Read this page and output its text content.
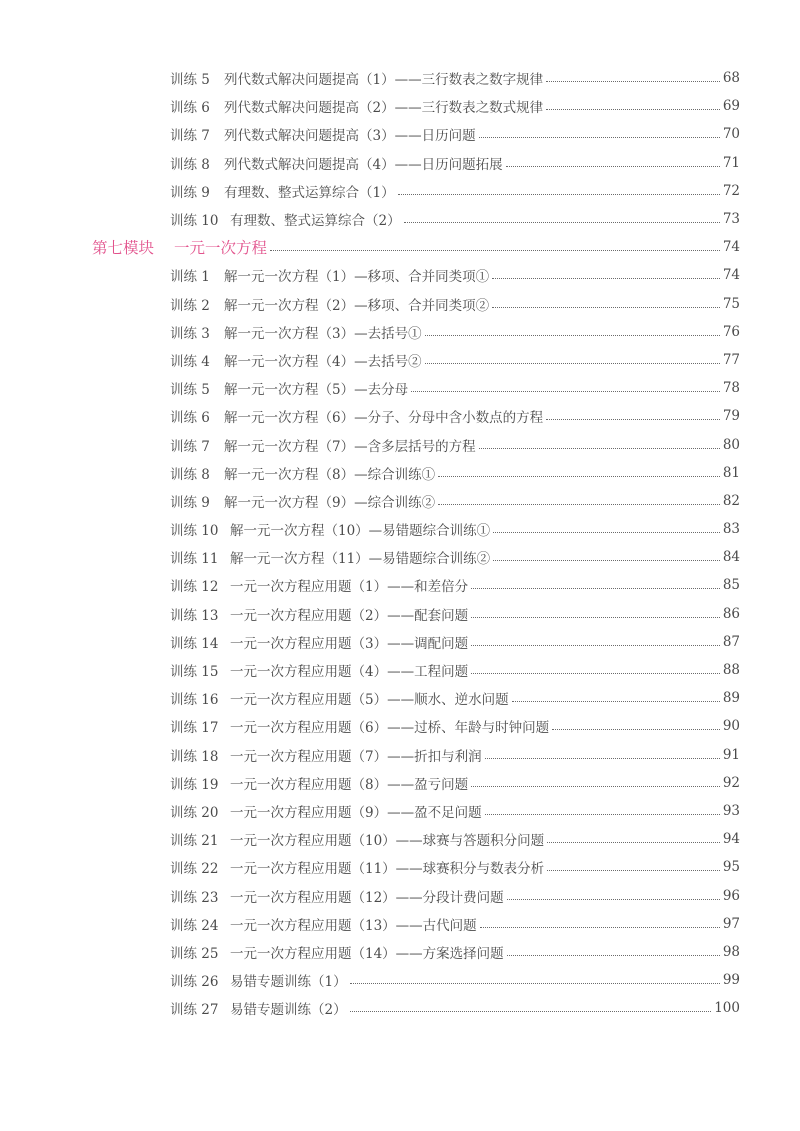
训练 5	列代数式解决问题提高（1）——三行数表之数字规律	68
训练 6	列代数式解决问题提高（2）——三行数表之数式规律	69
训练 7	列代数式解决问题提高（3）——日历问题	70
训练 8	列代数式解决问题提高（4）——日历问题拓展	71
训练 9	有理数、整式运算综合（1）	72
训练 10 有理数、整式运算综合（2）	73
第七模块	一元一次方程	74
训练 1	解一元一次方程（1）—移项、合并同类项①	74
训练 2	解一元一次方程（2）—移项、合并同类项②	75
训练 3	解一元一次方程（3）—去括号①	76
训练 4	解一元一次方程（4）—去括号②	77
训练 5	解一元一次方程（5）—去分母	78
训练 6	解一元一次方程（6）—分子、分母中含小数点的方程	79
训练 7	解一元一次方程（7）—含多层括号的方程	80
训练 8	解一元一次方程（8）—综合训练①	81
训练 9	解一元一次方程（9）—综合训练②	82
训练 10 解一元一次方程（10）—易错题综合训练①	83
训练 11 解一元一次方程（11）—易错题综合训练②	84
训练 12 一元一次方程应用题（1）——和差倍分	85
训练 13 一元一次方程应用题（2）——配套问题	86
训练 14 一元一次方程应用题（3）——调配问题	87
训练 15 一元一次方程应用题（4）——工程问题	88
训练 16 一元一次方程应用题（5）——顺水、逆水问题	89
训练 17 一元一次方程应用题（6）——过桥、年龄与时钟问题	90
训练 18 一元一次方程应用题（7）——折扣与利润	91
训练 19 一元一次方程应用题（8）——盈亏问题	92
训练 20 一元一次方程应用题（9）——盈不足问题	93
训练 21 一元一次方程应用题（10）——球赛与答题积分问题	94
训练 22 一元一次方程应用题（11）——球赛积分与数表分析	95
训练 23 一元一次方程应用题（12）——分段计费问题	96
训练 24 一元一次方程应用题（13）——古代问题	97
训练 25 一元一次方程应用题（14）——方案选择问题	98
训练 26 易错专题训练（1）	99
训练 27 易错专题训练（2）	100
